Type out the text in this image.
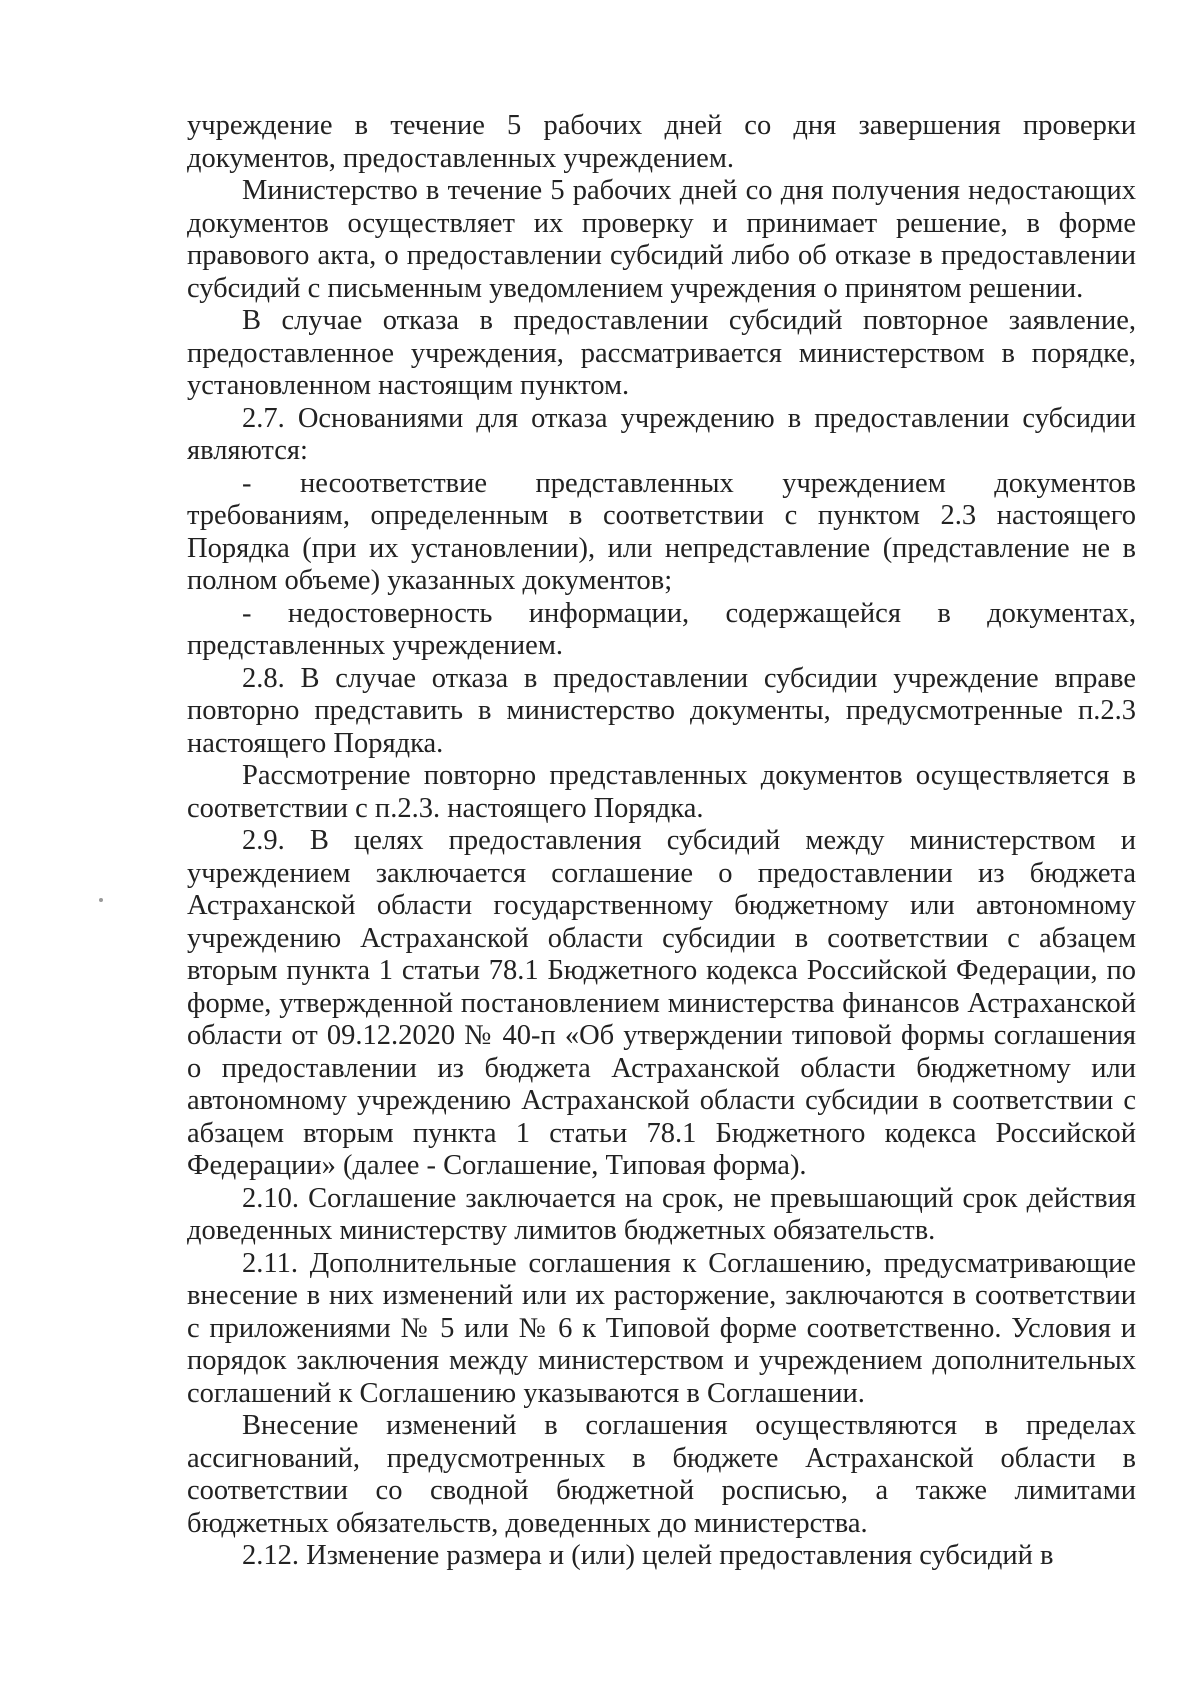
учреждение в течение 5 рабочих дней со дня завершения проверки документов, предоставленных учреждением.

Министерство в течение 5 рабочих дней со дня получения недостающих документов осуществляет их проверку и принимает решение, в форме правового акта, о предоставлении субсидий либо об отказе в предоставлении субсидий с письменным уведомлением учреждения о принятом решении.

В случае отказа в предоставлении субсидий повторное заявление, предоставленное учреждения, рассматривается министерством в порядке, установленном настоящим пунктом.

2.7. Основаниями для отказа учреждению в предоставлении субсидии являются:

- несоответствие представленных учреждением документов требованиям, определенным в соответствии с пунктом 2.3 настоящего Порядка (при их установлении), или непредставление (представление не в полном объеме) указанных документов;

- недостоверность информации, содержащейся в документах, представленных учреждением.

2.8. В случае отказа в предоставлении субсидии учреждение вправе повторно представить в министерство документы, предусмотренные п.2.3 настоящего Порядка.

Рассмотрение повторно представленных документов осуществляется в соответствии с п.2.3. настоящего Порядка.

2.9. В целях предоставления субсидий между министерством и учреждением заключается соглашение о предоставлении из бюджета Астраханской области государственному бюджетному или автономному учреждению Астраханской области субсидии в соответствии с абзацем вторым пункта 1 статьи 78.1 Бюджетного кодекса Российской Федерации, по форме, утвержденной постановлением министерства финансов Астраханской области от 09.12.2020 № 40-п «Об утверждении типовой формы соглашения о предоставлении из бюджета Астраханской области бюджетному или автономному учреждению Астраханской области субсидии в соответствии с абзацем вторым пункта 1 статьи 78.1 Бюджетного кодекса Российской Федерации» (далее - Соглашение, Типовая форма).

2.10. Соглашение заключается на срок, не превышающий срок действия доведенных министерству лимитов бюджетных обязательств.

2.11. Дополнительные соглашения к Соглашению, предусматривающие внесение в них изменений или их расторжение, заключаются в соответствии с приложениями № 5 или № 6 к Типовой форме соответственно. Условия и порядок заключения между министерством и учреждением дополнительных соглашений к Соглашению указываются в Соглашении.

Внесение изменений в соглашения осуществляются в пределах ассигнований, предусмотренных в бюджете Астраханской области в соответствии со сводной бюджетной росписью, а также лимитами бюджетных обязательств, доведенных до министерства.

2.12. Изменение размера и (или) целей предоставления субсидий в
